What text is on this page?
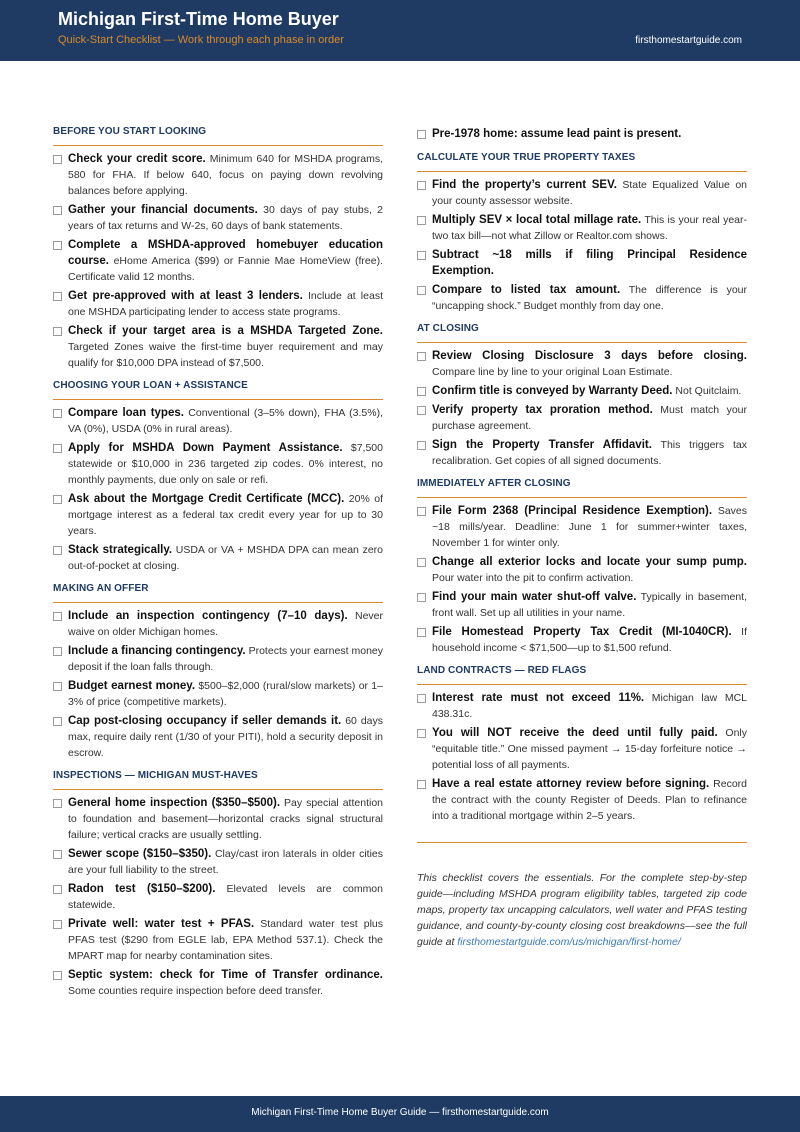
Michigan First-Time Home Buyer
Quick-Start Checklist — Work through each phase in order	firsthomestartguide.com
BEFORE YOU START LOOKING
Check your credit score. Minimum 640 for MSHDA programs, 580 for FHA. If below 640, focus on paying down revolving balances before applying.
Gather your financial documents. 30 days of pay stubs, 2 years of tax returns and W-2s, 60 days of bank statements.
Complete a MSHDA-approved homebuyer education course. eHome America ($99) or Fannie Mae HomeView (free). Certificate valid 12 months.
Get pre-approved with at least 3 lenders. Include at least one MSHDA participating lender to access state programs.
Check if your target area is a MSHDA Targeted Zone. Targeted Zones waive the first-time buyer requirement and may qualify for $10,000 DPA instead of $7,500.
CHOOSING YOUR LOAN + ASSISTANCE
Compare loan types. Conventional (3–5% down), FHA (3.5%), VA (0%), USDA (0% in rural areas).
Apply for MSHDA Down Payment Assistance. $7,500 statewide or $10,000 in 236 targeted zip codes. 0% interest, no monthly payments, due only on sale or refi.
Ask about the Mortgage Credit Certificate (MCC). 20% of mortgage interest as a federal tax credit every year for up to 30 years.
Stack strategically. USDA or VA + MSHDA DPA can mean zero out-of-pocket at closing.
MAKING AN OFFER
Include an inspection contingency (7–10 days). Never waive on older Michigan homes.
Include a financing contingency. Protects your earnest money deposit if the loan falls through.
Budget earnest money. $500–$2,000 (rural/slow markets) or 1–3% of price (competitive markets).
Cap post-closing occupancy if seller demands it. 60 days max, require daily rent (1/30 of your PITI), hold a security deposit in escrow.
INSPECTIONS — MICHIGAN MUST-HAVES
General home inspection ($350–$500). Pay special attention to foundation and basement—horizontal cracks signal structural failure; vertical cracks are usually settling.
Sewer scope ($150–$350). Clay/cast iron laterals in older cities are your full liability to the street.
Radon test ($150–$200). Elevated levels are common statewide.
Private well: water test + PFAS. Standard water test plus PFAS test ($290 from EGLE lab, EPA Method 537.1). Check the MPART map for nearby contamination sites.
Septic system: check for Time of Transfer ordinance. Some counties require inspection before deed transfer.
Pre-1978 home: assume lead paint is present.
CALCULATE YOUR TRUE PROPERTY TAXES
Find the property’s current SEV. State Equalized Value on your county assessor website.
Multiply SEV × local total millage rate. This is your real year-two tax bill—not what Zillow or Realtor.com shows.
Subtract ~18 mills if filing Principal Residence Exemption.
Compare to listed tax amount. The difference is your “uncapping shock.” Budget monthly from day one.
AT CLOSING
Review Closing Disclosure 3 days before closing. Compare line by line to your original Loan Estimate.
Confirm title is conveyed by Warranty Deed. Not Quitclaim.
Verify property tax proration method. Must match your purchase agreement.
Sign the Property Transfer Affidavit. This triggers tax recalibration. Get copies of all signed documents.
IMMEDIATELY AFTER CLOSING
File Form 2368 (Principal Residence Exemption). Saves ~18 mills/year. Deadline: June 1 for summer+winter taxes, November 1 for winter only.
Change all exterior locks and locate your sump pump. Pour water into the pit to confirm activation.
Find your main water shut-off valve. Typically in basement, front wall. Set up all utilities in your name.
File Homestead Property Tax Credit (MI-1040CR). If household income < $71,500—up to $1,500 refund.
LAND CONTRACTS — RED FLAGS
Interest rate must not exceed 11%. Michigan law MCL 438.31c.
You will NOT receive the deed until fully paid. Only “equitable title.” One missed payment → 15-day forfeiture notice → potential loss of all payments.
Have a real estate attorney review before signing. Record the contract with the county Register of Deeds. Plan to refinance into a traditional mortgage within 2–5 years.
This checklist covers the essentials. For the complete step-by-step guide—including MSHDA program eligibility tables, targeted zip code maps, property tax uncapping calculators, well water and PFAS testing guidance, and county-by-county closing cost breakdowns—see the full guide at firsthomestartguide.com/us/michigan/first-home/
Michigan First-Time Home Buyer Guide — firsthomestartguide.com
